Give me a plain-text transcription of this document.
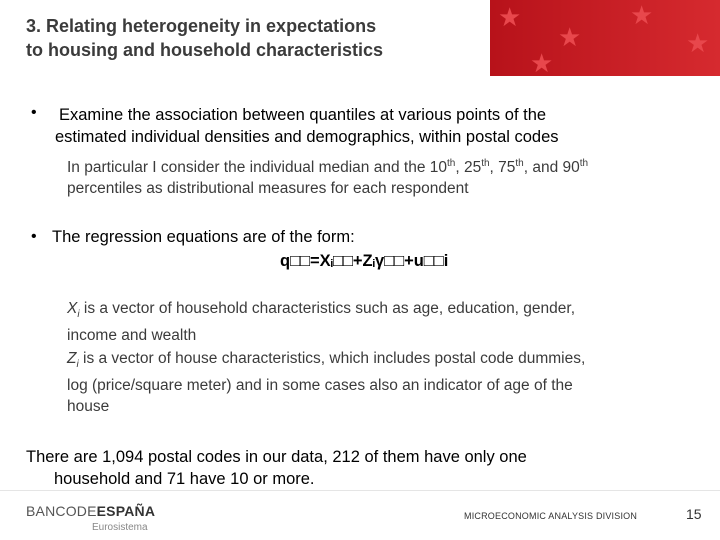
3. Relating heterogeneity in expectations
to housing and household characteristics
★
★
★
★
★
• Examine the association between quantiles at various points of the
estimated individual densities and demographics, within postal codes
In particular I consider the individual median and the 10th, 25th, 75th, and 90th
percentiles as distributional measures for each respondent
• The regression equations are of the form:
q□□=Xᵢ□□+Zᵢγ□□+u□□i
$X_i$ is a vector of household characteristics such as age, education, gender,
income and wealth
$Z_i$ is a vector of house characteristics, which includes postal code dummies,
log (price/square meter) and in some cases also an indicator of age of the
house
There are 1,094 postal codes in our data, 212 of them have only one
household and 71 have 10 or more.
BANCODEESPAÑA
Eurosistema
MICROECONOMIC ANALYSIS DIVISION	15
